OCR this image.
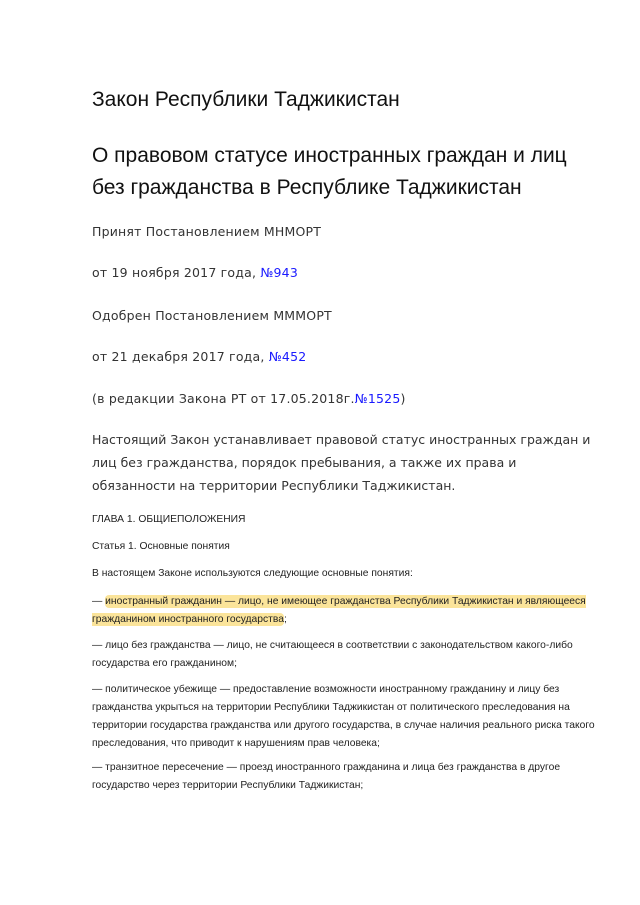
Закон Республики Таджикистан
О правовом статусе иностранных граждан и лиц без гражданства в Республике Таджикистан
Принят Постановлением МНМОРТ
от 19 ноября 2017 года, №943
Одобрен Постановлением МММОРТ
от 21 декабря 2017 года, №452
(в редакции Закона РТ от 17.05.2018г.№1525)
Настоящий Закон устанавливает правовой статус иностранных граждан и лиц без гражданства, порядок пребывания, а также их права и обязанности на территории Республики Таджикистан.
ГЛАВА 1. ОБЩИЕПОЛОЖЕНИЯ
Статья 1. Основные понятия
В настоящем Законе используются следующие основные понятия:
— иностранный гражданин — лицо, не имеющее гражданства Республики Таджикистан и являющееся гражданином иностранного государства;
— лицо без гражданства — лицо, не считающееся в соответствии с законодательством какого-либо государства его гражданином;
— политическое убежище — предоставление возможности иностранному гражданину и лицу без гражданства укрыться на территории Республики Таджикистан от политического преследования на территории государства гражданства или другого государства, в случае наличия реального риска такого преследования, что приводит к нарушениям прав человека;
— транзитное пересечение — проезд иностранного гражданина и лица без гражданства в другое государство через территории Республики Таджикистан;
